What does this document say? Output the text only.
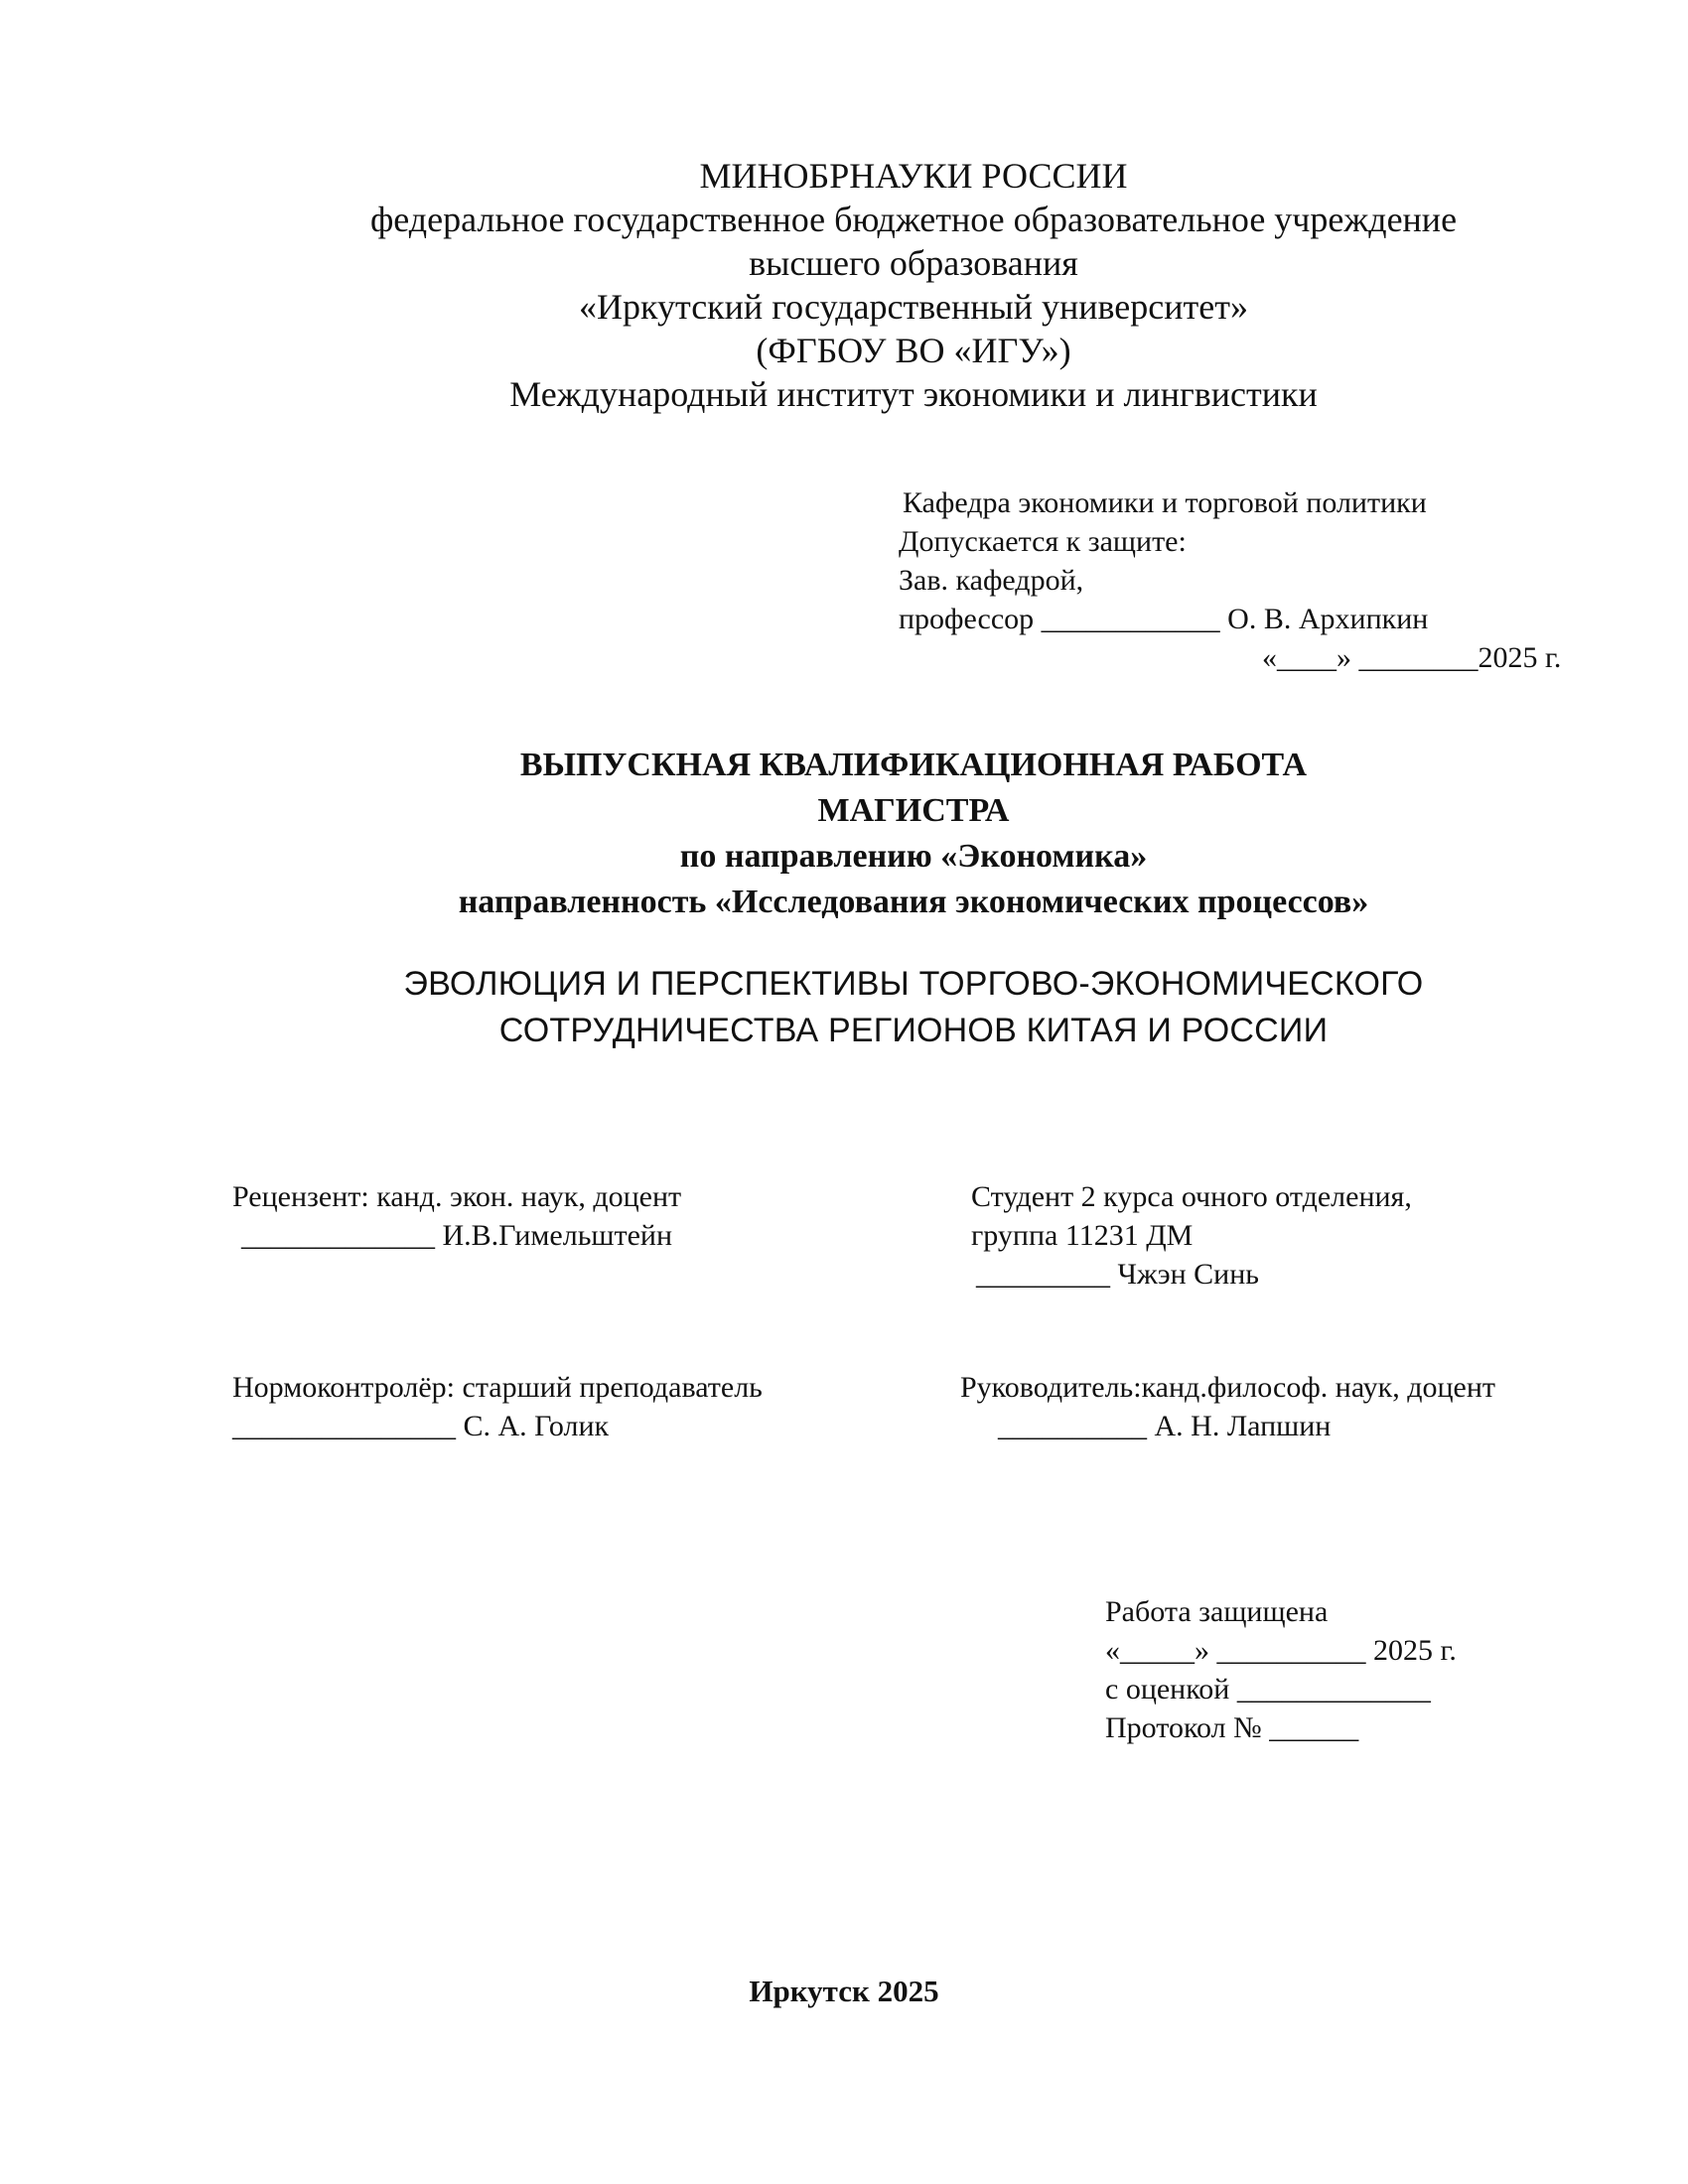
МИНОБРНАУКИ РОССИИ
федеральное государственное бюджетное образовательное учреждение
высшего образования
«Иркутский государственный университет»
(ФГБОУ ВО «ИГУ»)
Международный институт экономики и лингвистики
Кафедра экономики и торговой политики
Допускается к защите:
Зав. кафедрой,
профессор ____________ О. В. Архипкин
«____» ________2025 г.
ВЫПУСКНАЯ КВАЛИФИКАЦИОННАЯ РАБОТА
МАГИСТРА
по направлению «Экономика»
направленность «Исследования экономических процессов»
ЭВОЛЮЦИЯ И ПЕРСПЕКТИВЫ ТОРГОВО-ЭКОНОМИЧЕСКОГО
СОТРУДНИЧЕСТВА РЕГИОНОВ КИТАЯ И РОССИИ
Рецензент: канд. экон. наук, доцент
_____________ И.В.Гимельштейн
Студент 2 курса очного отделения,
группа 11231 ДМ
_________ Чжэн Синь
Нормоконтролёр: старший преподаватель
_______________ С. А. Голик
Руководитель:канд.философ. наук, доцент
__________ А. Н. Лапшин
Работа защищена
«_____» __________ 2025 г.
с оценкой _____________
Протокол № ______
Иркутск 2025
